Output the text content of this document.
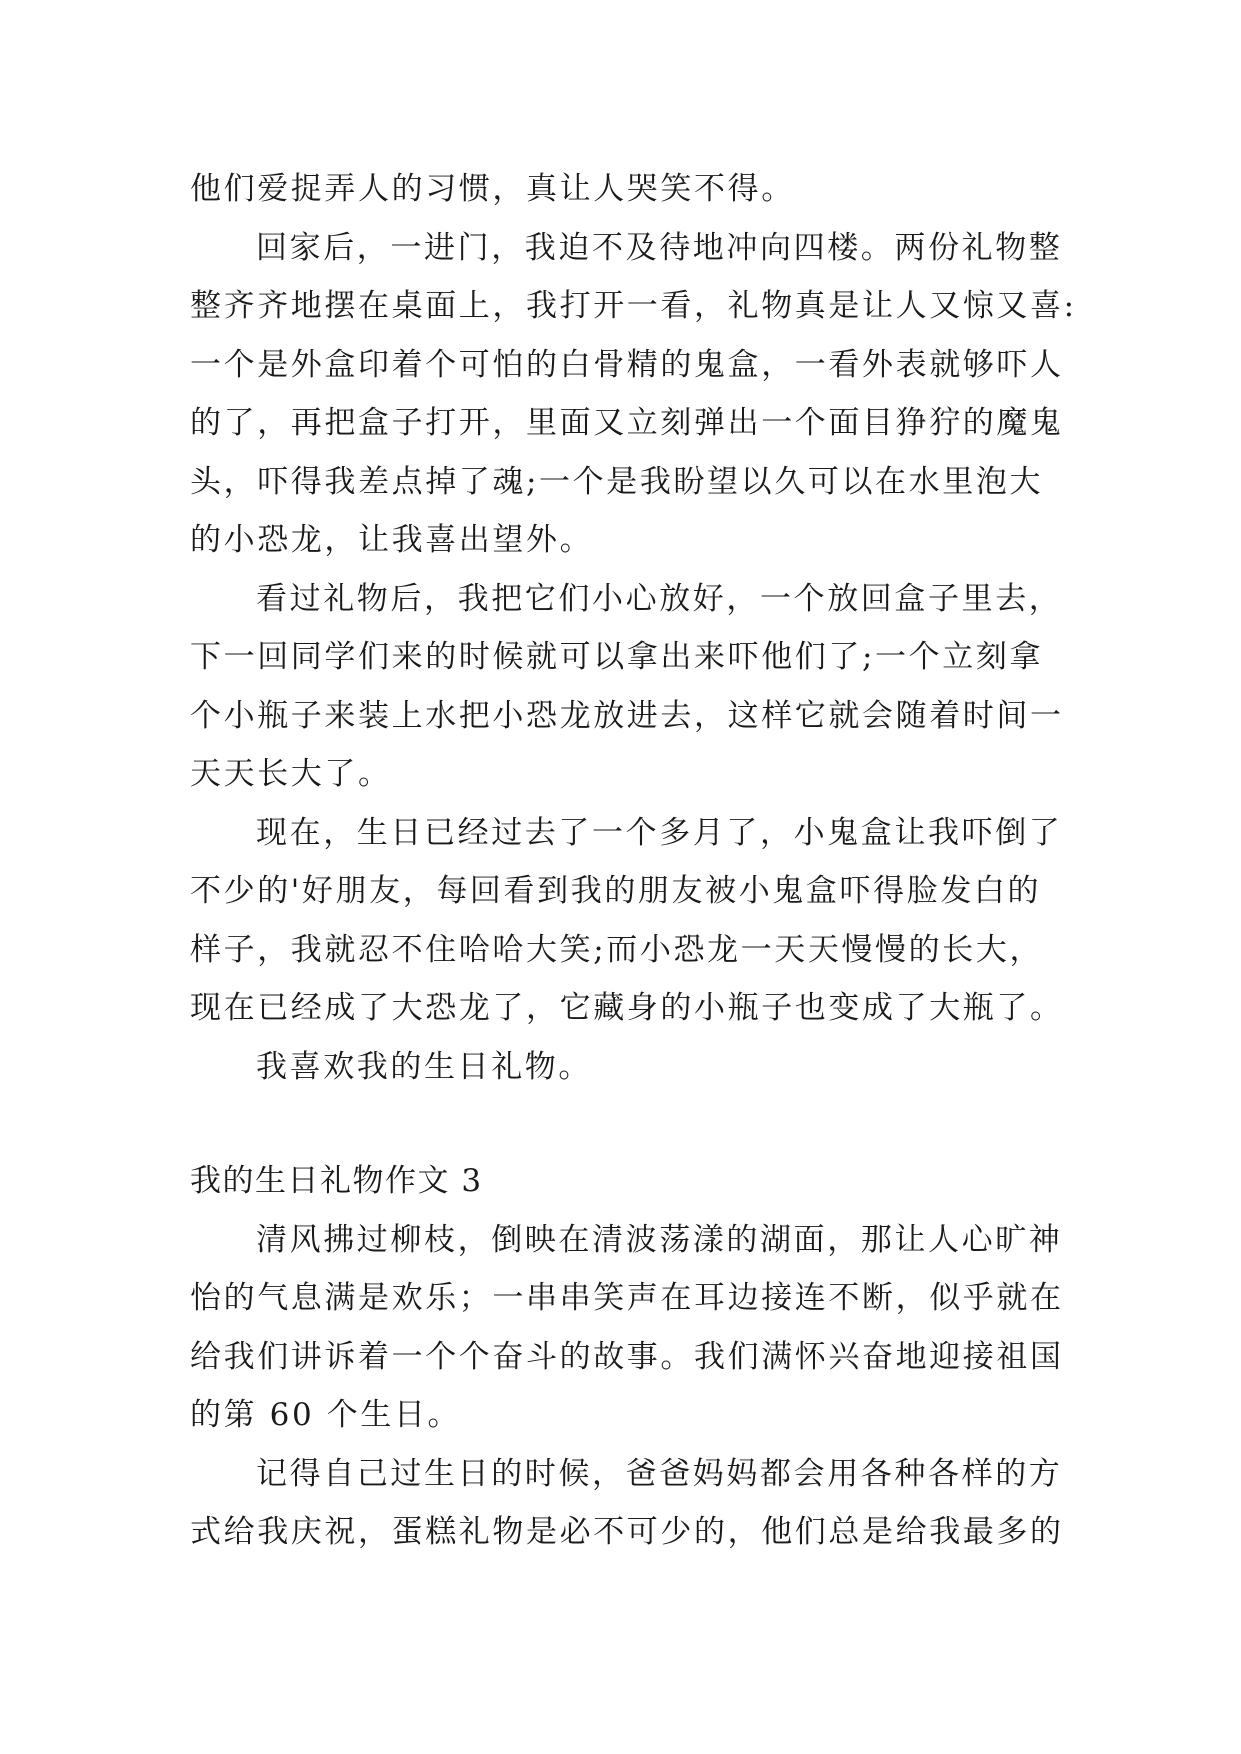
他们爱捉弄人的习惯，真让人哭笑不得。
回家后，一进门，我迫不及待地冲向四楼。两份礼物整
整齐齐地摆在桌面上，我打开一看，礼物真是让人又惊又喜:
一个是外盒印着个可怕的白骨精的鬼盒，一看外表就够吓人
的了，再把盒子打开，里面又立刻弹出一个面目狰狞的魔鬼
头，吓得我差点掉了魂;一个是我盼望以久可以在水里泡大
的小恐龙，让我喜出望外。
看过礼物后，我把它们小心放好，一个放回盒子里去，
下一回同学们来的时候就可以拿出来吓他们了;一个立刻拿
个小瓶子来装上水把小恐龙放进去，这样它就会随着时间一
天天长大了。
现在，生日已经过去了一个多月了，小鬼盒让我吓倒了
不少的'好朋友，每回看到我的朋友被小鬼盒吓得脸发白的
样子，我就忍不住哈哈大笑;而小恐龙一天天慢慢的长大，
现在已经成了大恐龙了，它藏身的小瓶子也变成了大瓶了。
我喜欢我的生日礼物。
我的生日礼物作文 3
清风拂过柳枝，倒映在清波荡漾的湖面，那让人心旷神
怡的气息满是欢乐；一串串笑声在耳边接连不断，似乎就在
给我们讲诉着一个个奋斗的故事。我们满怀兴奋地迎接祖国
的第 60 个生日。
记得自己过生日的时候，爸爸妈妈都会用各种各样的方
式给我庆祝，蛋糕礼物是必不可少的，他们总是给我最多的
